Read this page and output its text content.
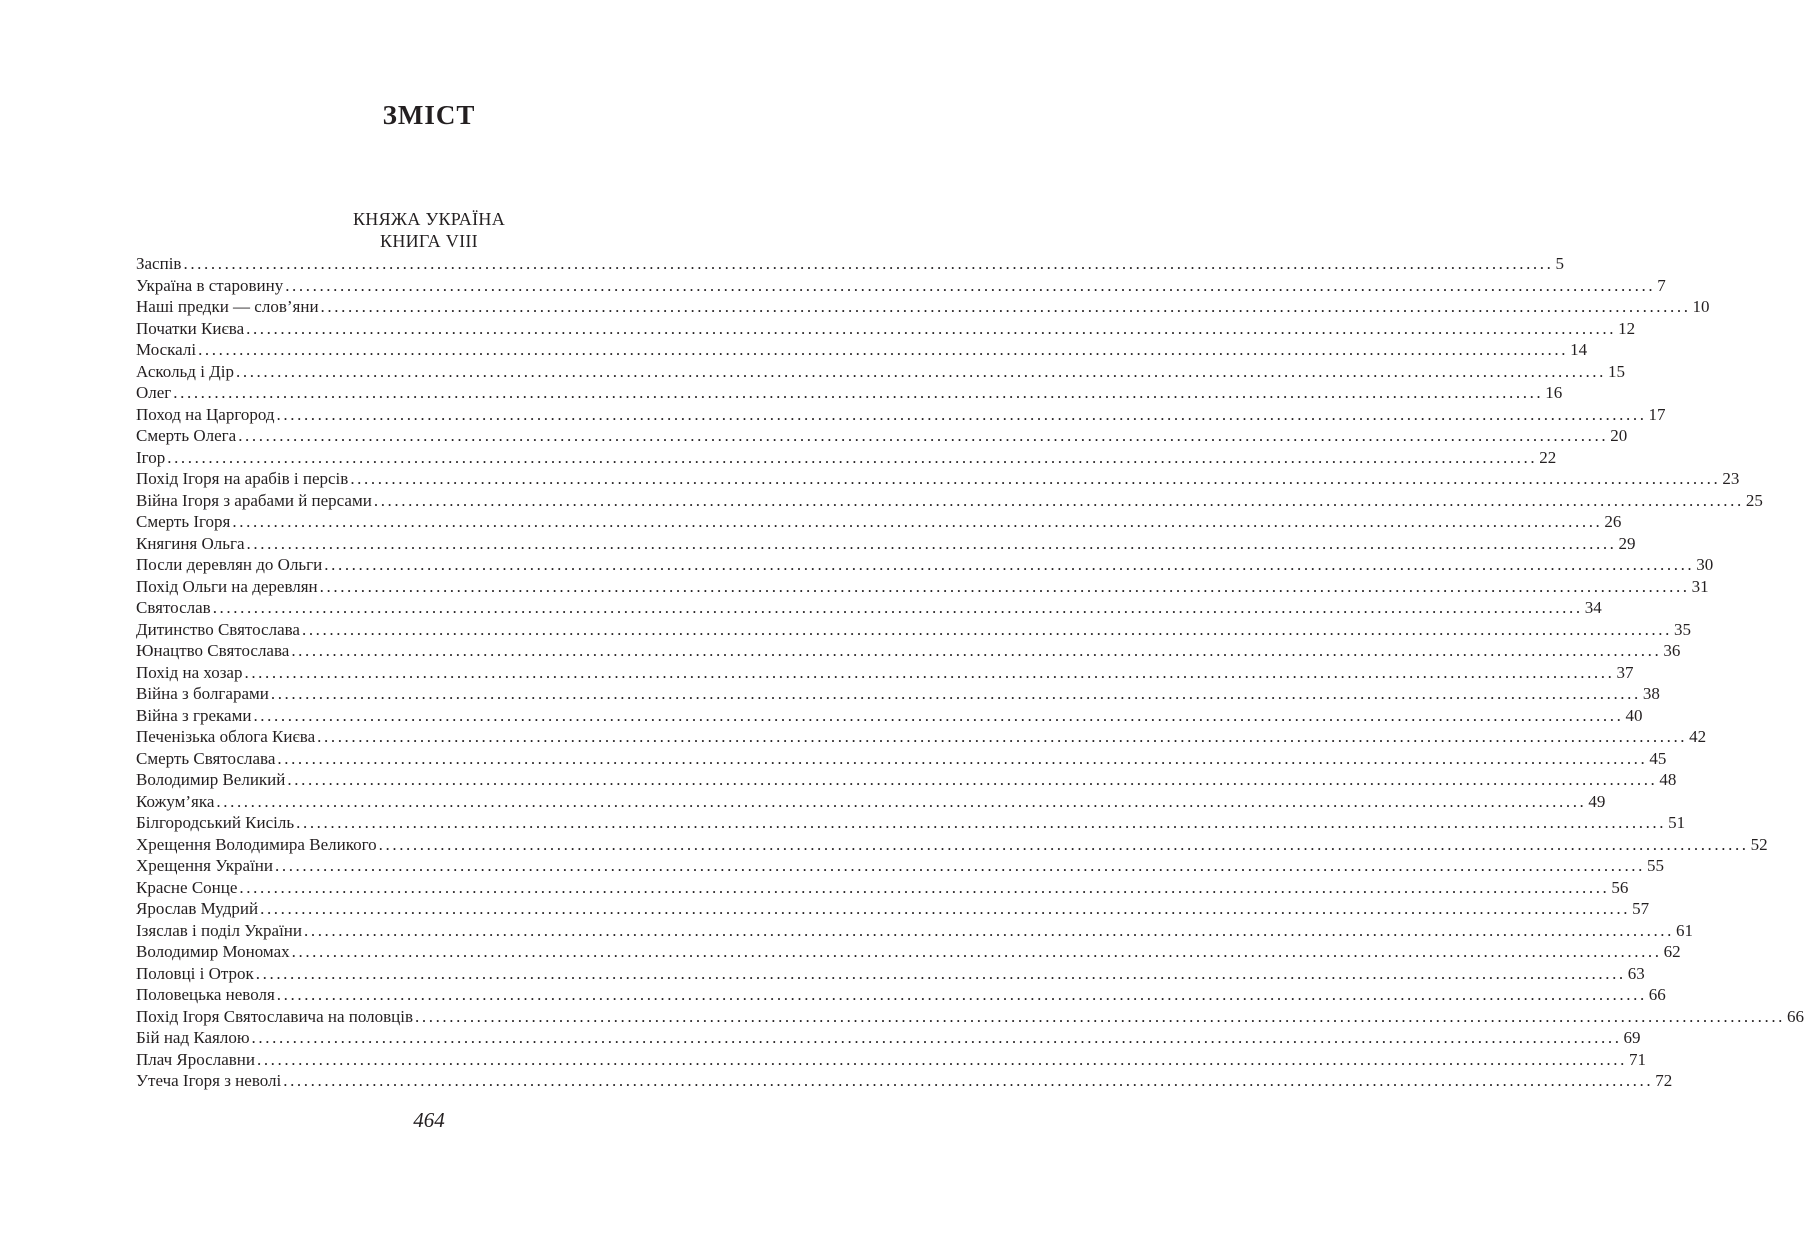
ЗМІСТ
КНЯЖА УКРАЇНА
КНИГА VIII
Заспів ........................................................................................................................................................................................................ 5
Україна в старовину ........................................................................................................................................................................................................ 7
Наші предки — слов’яни ........................................................................................................................................................................................................ 10
Початки Києва ........................................................................................................................................................................................................ 12
Москалі ........................................................................................................................................................................................................ 14
Аскольд і Дір ........................................................................................................................................................................................................ 15
Олег ........................................................................................................................................................................................................ 16
Поход на Царгород ........................................................................................................................................................................................................ 17
Смерть Олега ........................................................................................................................................................................................................ 20
Ігор ........................................................................................................................................................................................................ 22
Похід Ігоря на арабів і персів ........................................................................................................................................................................................................ 23
Війна Ігоря з арабами й персами ........................................................................................................................................................................................................ 25
Смерть Ігоря ........................................................................................................................................................................................................ 26
Княгиня Ольга ........................................................................................................................................................................................................ 29
Посли деревлян до Ольги ........................................................................................................................................................................................................ 30
Похід Ольги на деревлян ........................................................................................................................................................................................................ 31
Святослав ........................................................................................................................................................................................................ 34
Дитинство Святослава ........................................................................................................................................................................................................ 35
Юнацтво Святослава ........................................................................................................................................................................................................ 36
Похід на хозар ........................................................................................................................................................................................................ 37
Війна з болгарами ........................................................................................................................................................................................................ 38
Війна з греками ........................................................................................................................................................................................................ 40
Печенізька облога Києва ........................................................................................................................................................................................................ 42
Смерть Святослава ........................................................................................................................................................................................................ 45
Володимир Великий ........................................................................................................................................................................................................ 48
Кожум’яка ........................................................................................................................................................................................................ 49
Білгородський Кисіль ........................................................................................................................................................................................................ 51
Хрещення Володимира Великого ........................................................................................................................................................................................................ 52
Хрещення України ........................................................................................................................................................................................................ 55
Красне Сонце ........................................................................................................................................................................................................ 56
Ярослав Мудрий ........................................................................................................................................................................................................ 57
Ізяслав і поділ України ........................................................................................................................................................................................................ 61
Володимир Мономах ........................................................................................................................................................................................................ 62
Половці і Отрок ........................................................................................................................................................................................................ 63
Половецька неволя ........................................................................................................................................................................................................ 66
Похід Ігоря Святославича на половців ........................................................................................................................................................................................................ 66
Бій над Каялою ........................................................................................................................................................................................................ 69
Плач Ярославни ........................................................................................................................................................................................................ 71
Утеча Ігоря з неволі ........................................................................................................................................................................................................ 72
464
